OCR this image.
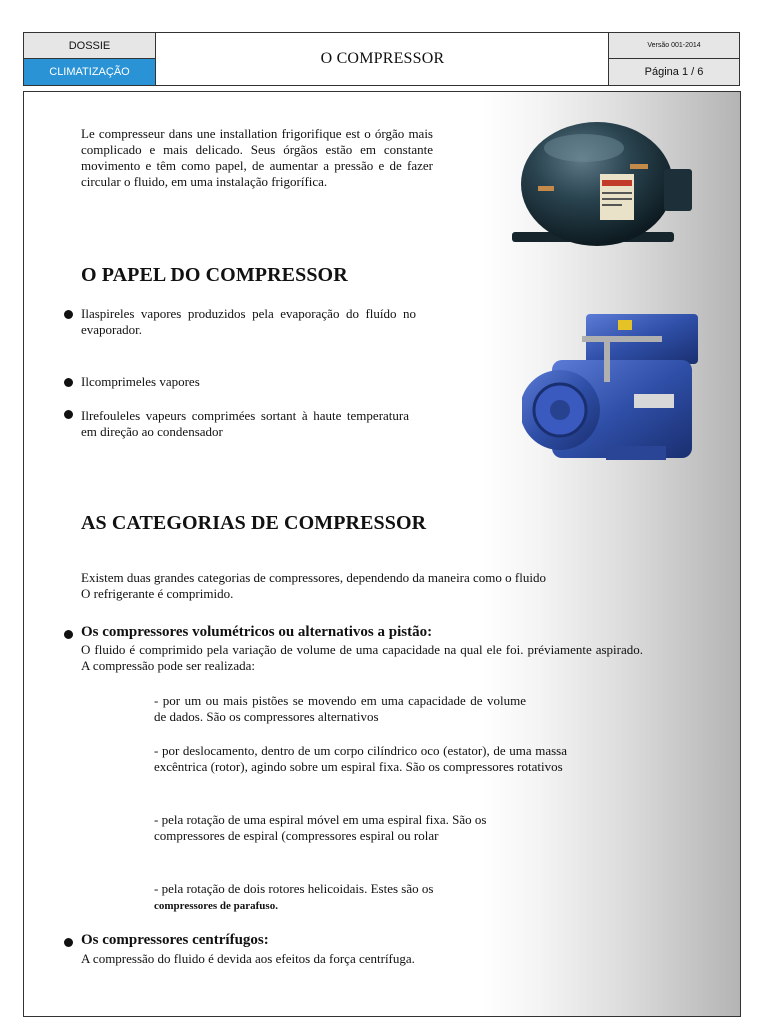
DOSSIE
CLIMATIZAÇÃO
O COMPRESSOR
Versão 001-2014
Página 1 / 6
Le compresseur dans une installation frigorifique est o órgão mais complicado e mais delicado. Seus órgãos estão em constante movimento e têm como papel, de aumentar a pressão e de fazer circular o fluido, em uma instalação frigorífica.
O PAPEL DO COMPRESSOR
Ilaspireles vapores produzidos pela evaporação do fluído no evaporador.
Ilcomprimeles vapores
Ilrefouleles vapeurs comprimées sortant à haute temperatura em direção ao condensador
AS CATEGORIAS DE COMPRESSOR
Existem duas grandes categorias de compressores, dependendo da maneira como o fluido
O refrigerante é comprimido.
Os compressores volumétricos ou alternativos a pistão:
O fluido é comprimido pela variação de volume de uma capacidade na qual ele foi. préviamente aspirado. A compressão pode ser realizada:
- por um ou mais pistões se movendo em uma capacidade de volume de dados. São os compressores alternativos
- por deslocamento, dentro de um corpo cilíndrico oco (estator), de uma massa excêntrica (rotor), agindo sobre um espiral fixa. São os compressores rotativos
- pela rotação de uma espiral móvel em uma espiral fixa. São os compressores de espiral (compressores espiral ou rolar
- pela rotação de dois rotores helicoidais. Estes são os
compressores de parafuso.
Os compressores centrífugos:
A compressão do fluido é devida aos efeitos da força centrífuga.
